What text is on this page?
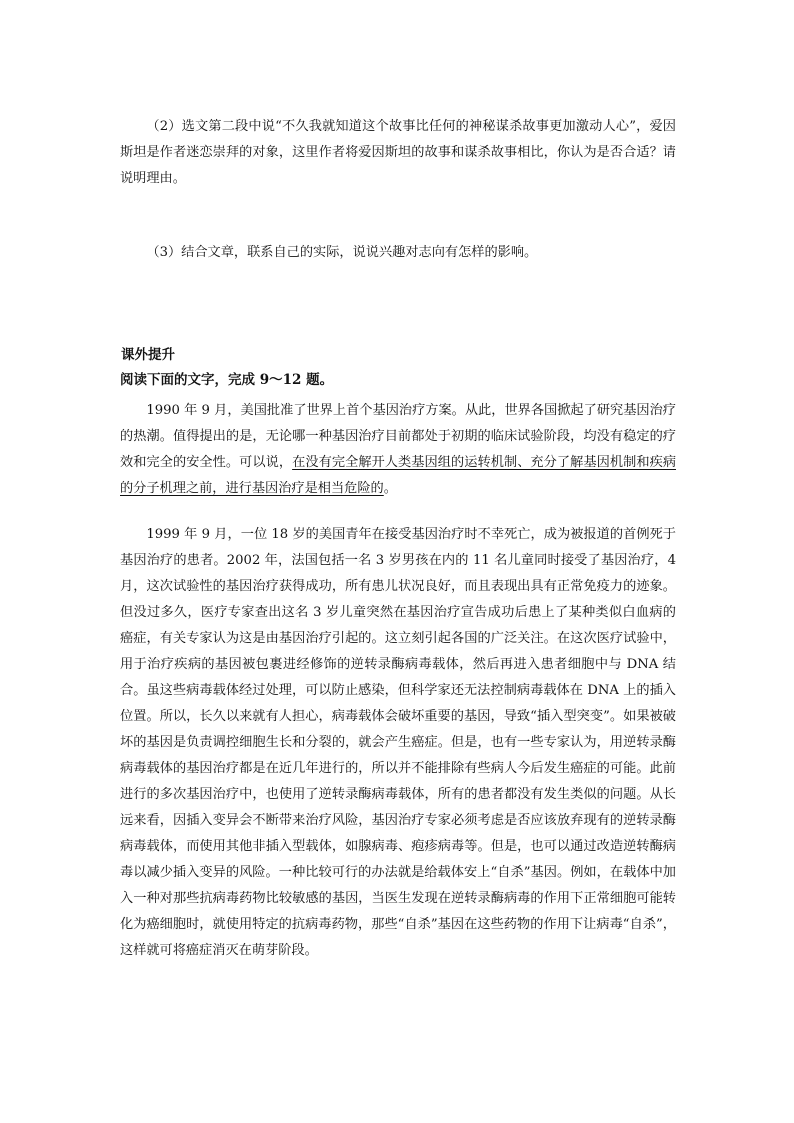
（2）选文第二段中说“不久我就知道这个故事比任何的神秘谋杀故事更加激动人心”，爱因斯坦是作者迷恋崇拜的对象，这里作者将爱因斯坦的故事和谋杀故事相比，你认为是否合适？请说明理由。

（3）结合文章，联系自己的实际，说说兴趣对志向有怎样的影响。

课外提升

阅读下面的文字，完成 9～12 题。

1990 年 9 月，美国批准了世界上首个基因治疗方案。从此，世界各国掀起了研究基因治疗的热潮。值得提出的是，无论哪一种基因治疗目前都处于初期的临床试验阶段，均没有稳定的疗效和完全的安全性。可以说，在没有完全解开人类基因组的运转机制、充分了解基因机制和疾病的分子机理之前，进行基因治疗是相当危险的。

1999 年 9 月，一位 18 岁的美国青年在接受基因治疗时不幸死亡，成为被报道的首例死于基因治疗的患者。2002 年，法国包括一名 3 岁男孩在内的 11 名儿童同时接受了基因治疗，4 月，这次试验性的基因治疗获得成功，所有患儿状况良好，而且表现出具有正常免疫力的迹象。但没过多久，医疗专家查出这名 3 岁儿童突然在基因治疗宣告成功后患上了某种类似白血病的癌症，有关专家认为这是由基因治疗引起的。这立刻引起各国的广泛关注。在这次医疗试验中，用于治疗疾病的基因被包裹进经修饰的逆转录酶病毒载体，然后再进入患者细胞中与 DNA 结合。虽这些病毒载体经过处理，可以防止感染，但科学家还无法控制病毒载体在 DNA 上的插入位置。所以，长久以来就有人担心，病毒载体会破坏重要的基因，导致“插入型突变”。如果被破坏的基因是负责调控细胞生长和分裂的，就会产生癌症。但是，也有一些专家认为，用逆转录酶病毒载体的基因治疗都是在近几年进行的，所以并不能排除有些病人今后发生癌症的可能。此前进行的多次基因治疗中，也使用了逆转录酶病毒载体，所有的患者都没有发生类似的问题。从长远来看，因插入变异会不断带来治疗风险，基因治疗专家必须考虑是否应该放弃现有的逆转录酶病毒载体，而使用其他非插入型载体，如腺病毒、疱疹病毒等。但是，也可以通过改造逆转酶病毒以减少插入变异的风险。一种比较可行的办法就是给载体安上“自杀”基因。例如，在载体中加入一种对那些抗病毒药物比较敏感的基因，当医生发现在逆转录酶病毒的作用下正常细胞可能转化为癌细胞时，就使用特定的抗病毒药物，那些“自杀”基因在这些药物的作用下让病毒“自杀”，这样就可将癌症消灭在萌芽阶段。
